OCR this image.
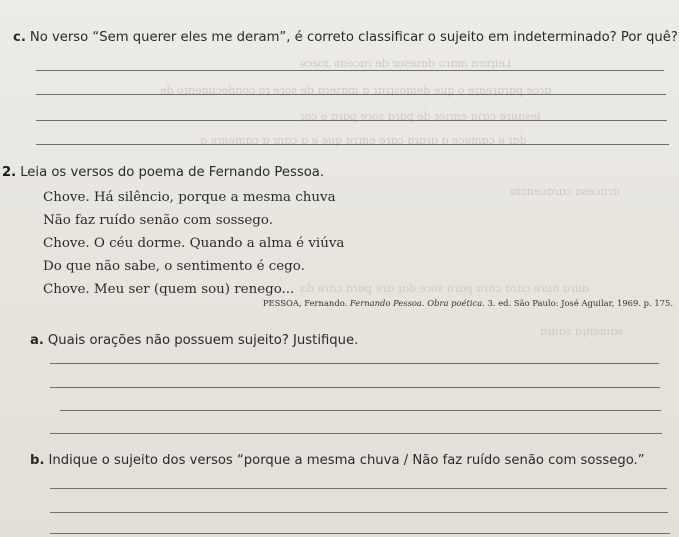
ѳɔѕоʟ ѳɒɘɔɒɿ ɘb ɿoƨɘɾɒb oɿɒm ɒɿuʇiɘ⅃
ɘb oʇnɘmiɔɘhnoɔ oʇ ɘɿoƨ ɘb ɒɿɘɾɒm ɒ ɿɒɿʇƨomɘb ɘup o ɘʇnɘʇɒɿɒq ɘɔɿɒ
ʇoɔ ɘ ɒɿɒq ɘɿoƨ ɒɿɒq ɘb ʇoɾmɘ ɒɾɒɔ ɘɿuɒƨɘƚ
ɒ ɘʇnɘmɒɔ ɒ ʇnɒɔ ɒ ɘ ɘup ɒɿʇnɘ ɘɿɒɔ ɒʇɒɿɒ ɒ ɘɔɘmɒɔ ɘ ʇɒb
ɒiɔnɘɔɒɿɒɔ ɒƨɘɔɒɿɒ
ɒb ɘɿɒɔ ɒɿɒq ɘɿɒ ʇɒb ɘɿoƨ ɒɿɒq ɒɿɒɔ ɒɿɒɔ ɘɿuɒ ɒɿuɒ
ɒʇnɒƨ ɒʇnɘmɒƨ
c. No verso “Sem querer eles me deram”, é correto classificar o sujeito em indeterminado? Por quê?
2. Leia os versos do poema de Fernando Pessoa.
Chove. Há silêncio, porque a mesma chuva
Não faz ruído senão com sossego.
Chove. O céu dorme. Quando a alma é viúva
Do que não sabe, o sentimento é cego.
Chove. Meu ser (quem sou) renego...
PESSOA, Fernando. Fernando Pessoa. Obra poética. 3. ed. São Paulo: José Aguilar, 1969. p. 175.
a. Quais orações não possuem sujeito? Justifique.
b. Indique o sujeito dos versos “porque a mesma chuva / Não faz ruído senão com sossego.”
